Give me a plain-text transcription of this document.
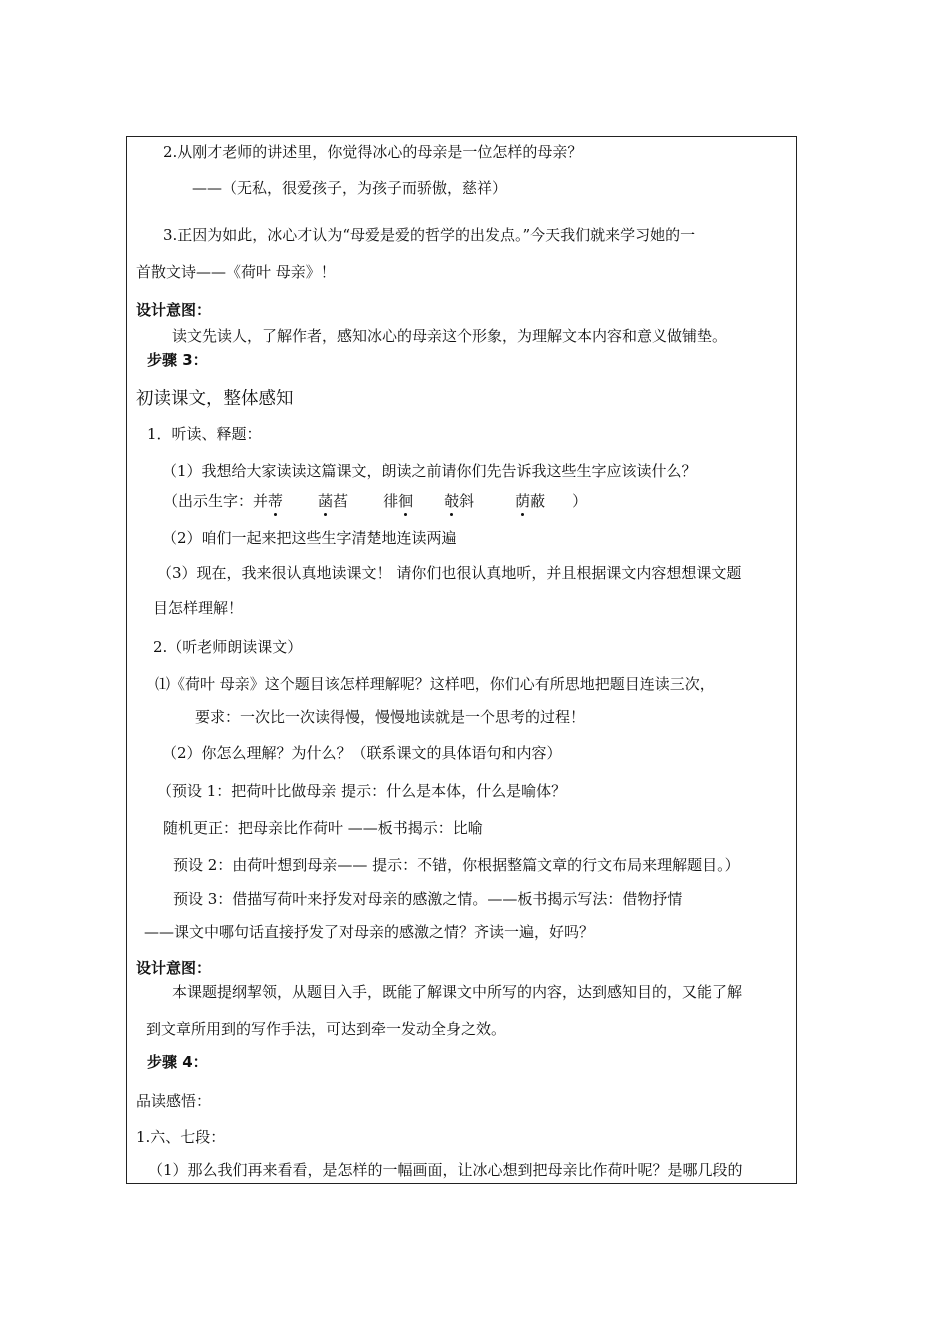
2.从刚才老师的讲述里，你觉得冰心的母亲是一位怎样的母亲？
——（无私，很爱孩子，为孩子而骄傲，慈祥）
3.正因为如此，冰心才认为“母爱是爱的哲学的出发点。”今天我们就来学习她的一
首散文诗——《荷叶 母亲》！
设计意图：
读文先读人，了解作者，感知冰心的母亲这个形象，为理解文本内容和意义做铺垫。
步骤 3：
初读课文，整体感知
1．听读、释题：
（1）我想给大家读读这篇课文，朗读之前请你们先告诉我这些生字应该读什么？
（出示生字：并蒂 菡萏 徘徊 攲斜	荫蔽 ）
（2）咱们一起来把这些生字清楚地连读两遍
（3）现在，我来很认真地读课文！ 请你们也很认真地听，并且根据课文内容想想课文题
目怎样理解！
2.（听老师朗读课文）
⑴《荷叶 母亲》这个题目该怎样理解呢？这样吧，你们心有所思地把题目连读三次，
要求：一次比一次读得慢，慢慢地读就是一个思考的过程！
（2）你怎么理解？为什么？（联系课文的具体语句和内容）
（预设 1：把荷叶比做母亲 提示：什么是本体，什么是喻体？
随机更正：把母亲比作荷叶 ——板书揭示：比喻
预设 2：由荷叶想到母亲—— 提示：不错，你根据整篇文章的行文布局来理解题目。）
预设 3：借描写荷叶来抒发对母亲的感激之情。——板书揭示写法：借物抒情
——课文中哪句话直接抒发了对母亲的感激之情？齐读一遍，好吗？
设计意图：
本课题提纲挈领，从题目入手，既能了解课文中所写的内容，达到感知目的，又能了解
到文章所用到的写作手法，可达到牵一发动全身之效。
步骤 4：
品读感悟：
1.六、七段：
（1）那么我们再来看看，是怎样的一幅画面，让冰心想到把母亲比作荷叶呢？是哪几段的
